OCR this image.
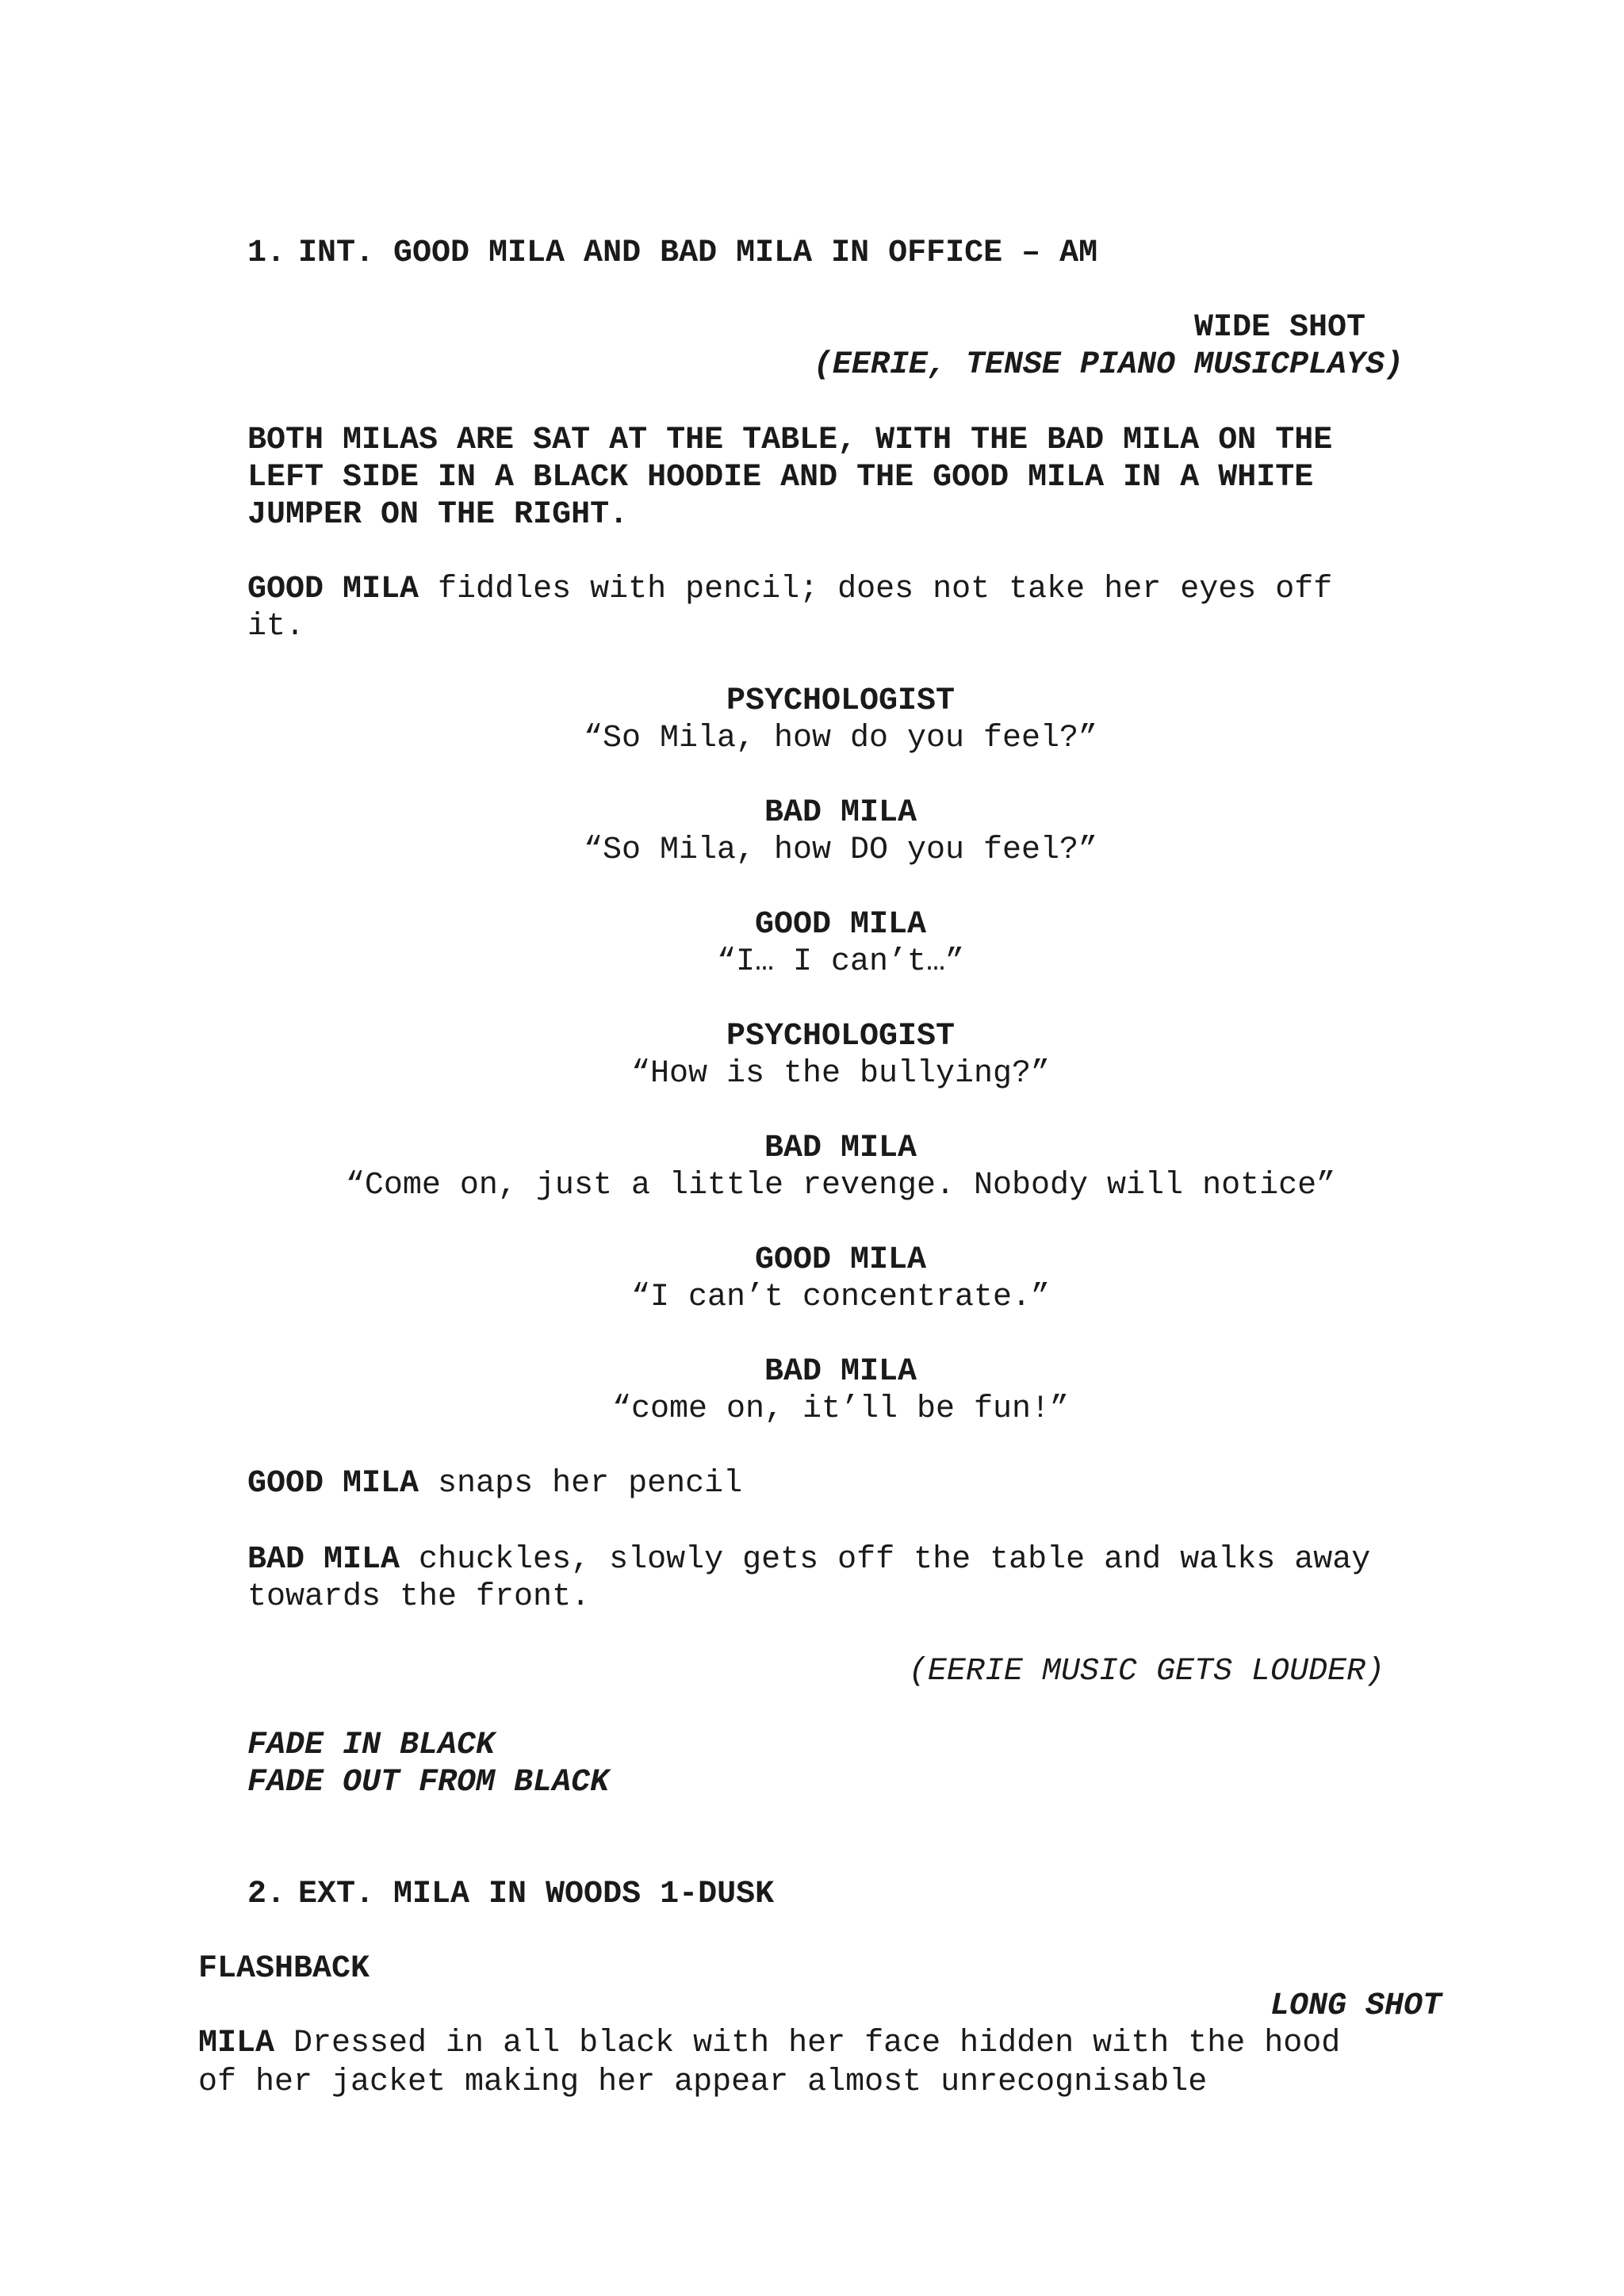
1. INT. GOOD MILA AND BAD MILA IN OFFICE – AM
WIDE SHOT
(EERIE, TENSE PIANO MUSICPLAYS)
BOTH MILAS ARE SAT AT THE TABLE, WITH THE BAD MILA ON THE
LEFT SIDE IN A BLACK HOODIE AND THE GOOD MILA IN A WHITE
JUMPER ON THE RIGHT.
GOOD MILA fiddles with pencil; does not take her eyes off
it.
PSYCHOLOGIST
“So Mila, how do you feel?”
BAD MILA
“So Mila, how DO you feel?”
GOOD MILA
“I… I can’t…”
PSYCHOLOGIST
“How is the bullying?”
BAD MILA
“Come on, just a little revenge. Nobody will notice”
GOOD MILA
“I can’t concentrate.”
BAD MILA
“come on, it’ll be fun!”
GOOD MILA snaps her pencil
BAD MILA chuckles, slowly gets off the table and walks away
towards the front.
(EERIE MUSIC GETS LOUDER)
FADE IN BLACK
FADE OUT FROM BLACK
2. EXT. MILA IN WOODS 1-DUSK
FLASHBACK
LONG SHOT
MILA Dressed in all black with her face hidden with the hood
of her jacket making her appear almost unrecognisable
